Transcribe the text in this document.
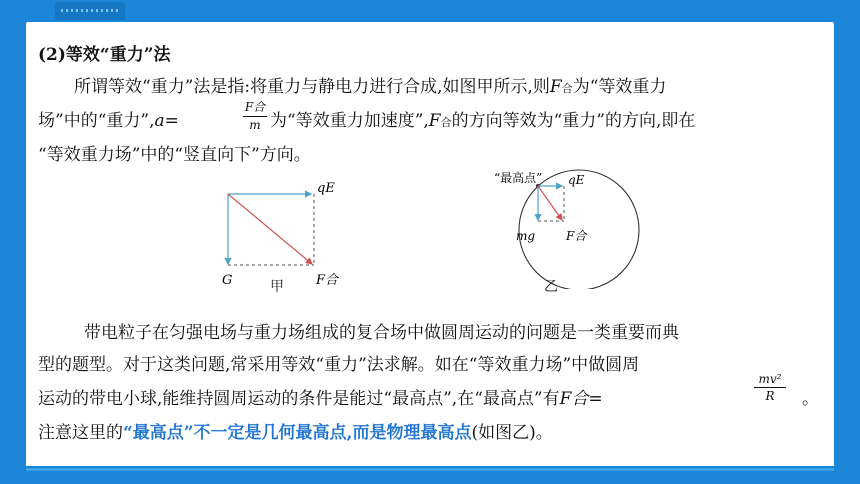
(2)等效“重力”法
所谓等效“重力”法是指:将重力与静电力进行合成,如图甲所示,则F合为“等效重力
场”中的“重力”,a=
F合
m 为“等效重力加速度”,F合的方向等效为“重力”的方向,即在
“等效重力场”中的“竖直向下”方向。
qE
G	F合
甲
“最高点” qE
mg	F合
乙
带电粒子在匀强电场与重力场组成的复合场中做圆周运动的问题是一类重要而典
型的题型。对于这类问题,常采用等效“重力”法求解。如在“等效重力场”中做圆周
运动的带电小球,能维持圆周运动的条件是能过“最高点”,在“最高点”有F合=
mv²
R	。
注意这里的“最高点”不一定是几何最高点,而是物理最高点(如图乙)。
